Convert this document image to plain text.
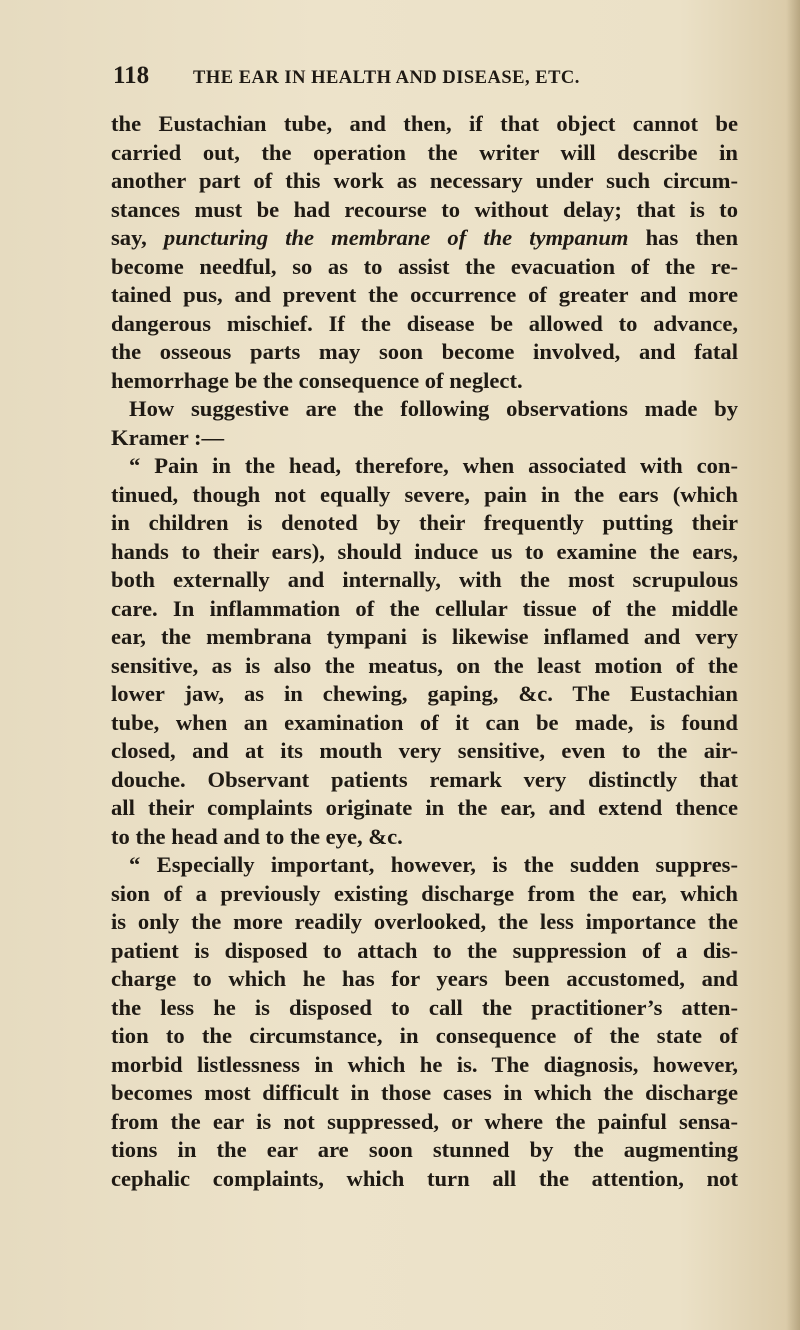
118	THE EAR IN HEALTH AND DISEASE, ETC.
the Eustachian tube, and then, if that object cannot be
carried out, the operation the writer will describe in
another part of this work as necessary under such circum-
stances must be had recourse to without delay; that is to
say, puncturing the membrane of the tympanum has then
become needful, so as to assist the evacuation of the re-
tained pus, and prevent the occurrence of greater and more
dangerous mischief. If the disease be allowed to advance,
the osseous parts may soon become involved, and fatal
hemorrhage be the consequence of neglect.
How suggestive are the following observations made by
Kramer :—
“ Pain in the head, therefore, when associated with con-
tinued, though not equally severe, pain in the ears (which
in children is denoted by their frequently putting their
hands to their ears), should induce us to examine the ears,
both externally and internally, with the most scrupulous
care. In inflammation of the cellular tissue of the middle
ear, the membrana tympani is likewise inflamed and very
sensitive, as is also the meatus, on the least motion of the
lower jaw, as in chewing, gaping, &c. The Eustachian
tube, when an examination of it can be made, is found
closed, and at its mouth very sensitive, even to the air-
douche. Observant patients remark very distinctly that
all their complaints originate in the ear, and extend thence
to the head and to the eye, &c.
“ Especially important, however, is the sudden suppres-
sion of a previously existing discharge from the ear, which
is only the more readily overlooked, the less importance the
patient is disposed to attach to the suppression of a dis-
charge to which he has for years been accustomed, and
the less he is disposed to call the practitioner’s atten-
tion to the circumstance, in consequence of the state of
morbid listlessness in which he is. The diagnosis, however,
becomes most difficult in those cases in which the discharge
from the ear is not suppressed, or where the painful sensa-
tions in the ear are soon stunned by the augmenting
cephalic complaints, which turn all the attention, not
